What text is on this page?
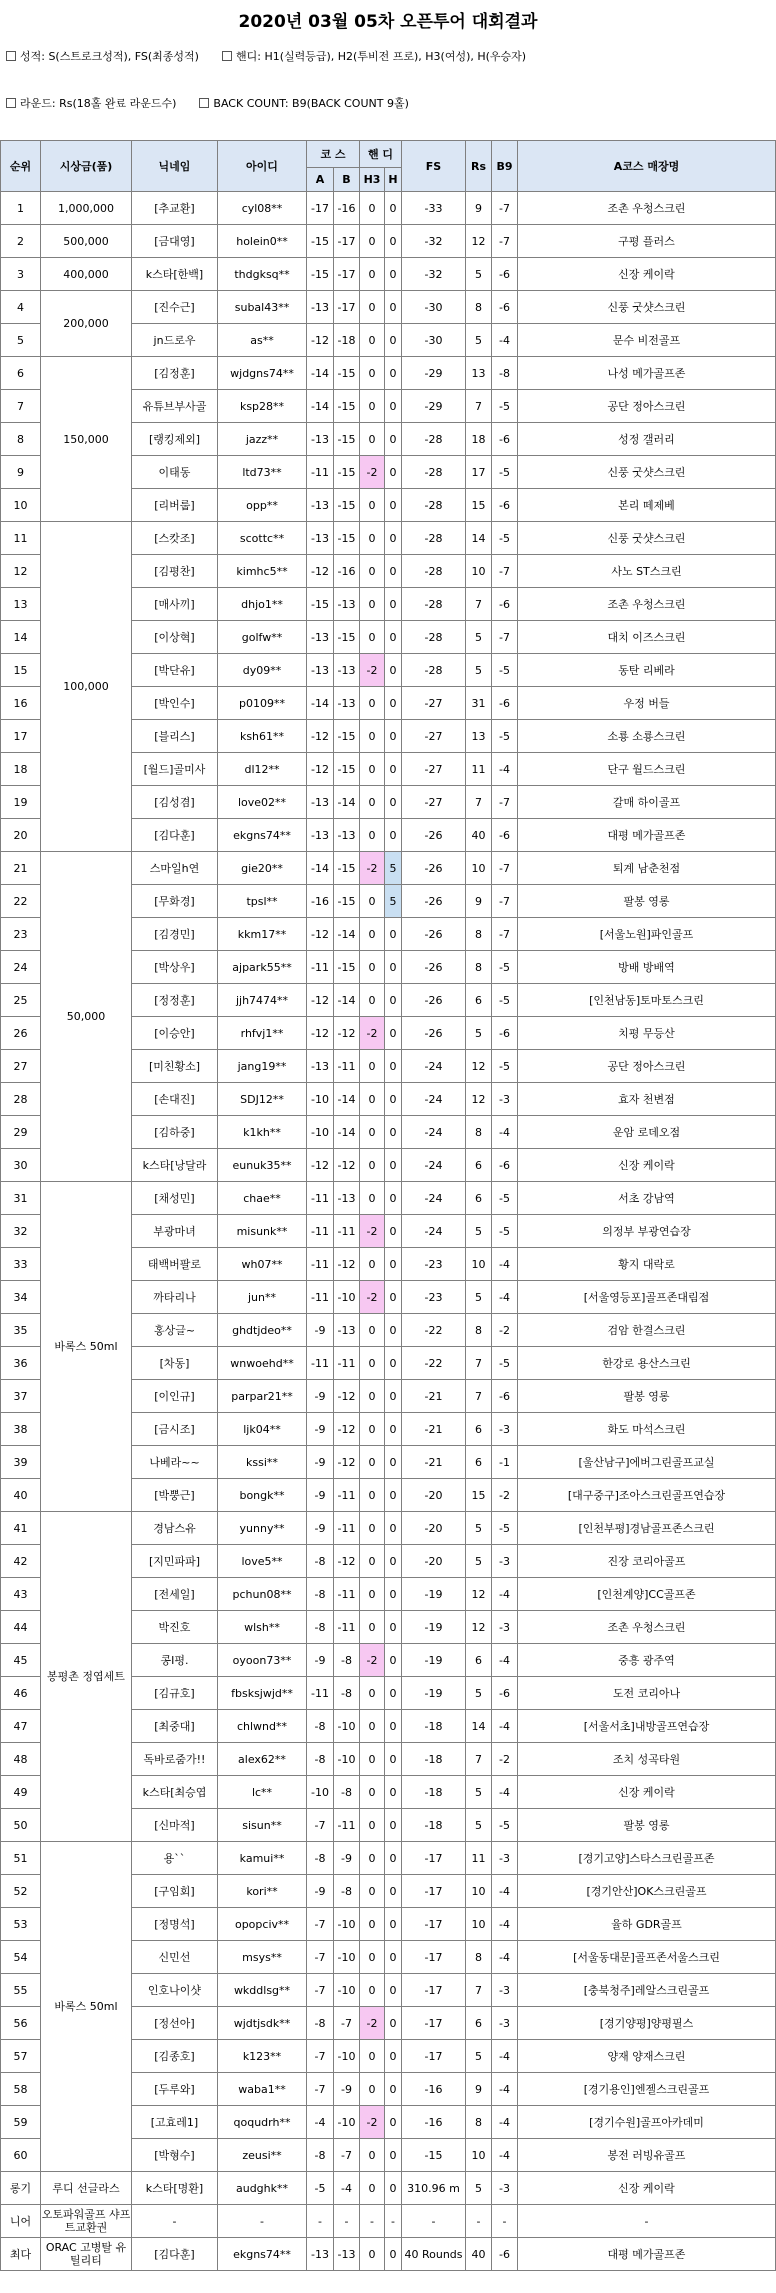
2020년 03월 05차 오픈투어 대회결과
성적: S(스트로크성적), FS(최종성적)	핸디: H1(실력등급), H2(투비전 프로), H3(여성), H(우승자)
라운드: Rs(18홀 완료 라운드수)	BACK COUNT: B9(BACK COUNT 9홀)
순위	시상금(품)	닉네임	아이디	코 스		핸 디		FS	Rs	B9	A코스 매장명
				A	B	H3	H				
1	1,000,000	[추교환]	cyl08**	-17	-16	0	0	-33	9	-7	조촌 우청스크린
2	500,000	[금대영]	holein0**	-15	-17	0	0	-32	12	-7	구평 플러스
3	400,000	k스타[한백]	thdgksq**	-15	-17	0	0	-32	5	-6	신장 케이락
4	200,000	[진수근]	subal43**	-13	-17	0	0	-30	8	-6	신풍 굿샷스크린
5		jn드로우	as**	-12	-18	0	0	-30	5	-4	문수 비전골프
6	150,000	[김정훈]	wjdgns74**	-14	-15	0	0	-29	13	-8	나성 메가골프존
7		유튜브부사골	ksp28**	-14	-15	0	0	-29	7	-5	공단 정아스크린
8		[랭킹제외]	jazz**	-13	-15	0	0	-28	18	-6	성정 갤러리
9		이태동	ltd73**	-11	-15	-2	0	-28	17	-5	신풍 굿샷스크린
10		[리버룹]	opp**	-13	-15	0	0	-28	15	-6	본리 떼제베
11	100,000	[스캇조]	scottc**	-13	-15	0	0	-28	14	-5	신풍 굿샷스크린
12		[김평찬]	kimhc5**	-12	-16	0	0	-28	10	-7	사노 ST스크린
13		[매사끼]	dhjo1**	-15	-13	0	0	-28	7	-6	조촌 우청스크린
14		[이상혁]	golfw**	-13	-15	0	0	-28	5	-7	대치 이즈스크린
15		[박단유]	dy09**	-13	-13	-2	0	-28	5	-5	동탄 리베라
16		[박인수]	p0109**	-14	-13	0	0	-27	31	-6	우정 버들
17		[블리스]	ksh61**	-12	-15	0	0	-27	13	-5	소룡 소룡스크린
18		[월드]골미사	dl12**	-12	-15	0	0	-27	11	-4	단구 월드스크린
19		[김성겸]	love02**	-13	-14	0	0	-27	7	-7	갈매 하이골프
20		[김다훈]	ekgns74**	-13	-13	0	0	-26	40	-6	대평 메가골프존
21	50,000	스마일h연	gie20**	-14	-15	-2	5	-26	10	-7	퇴계 남춘천점
22		[무화경]	tpsl**	-16	-15	0	5	-26	9	-7	팔봉 영롱
23		[김경민]	kkm17**	-12	-14	0	0	-26	8	-7	[서울노원]파인골프
24		[박상우]	ajpark55**	-11	-15	0	0	-26	8	-5	방배 방배역
25		[정정훈]	jjh7474**	-12	-14	0	0	-26	6	-5	[인천남동]토마토스크린
26		[이승안]	rhfvj1**	-12	-12	-2	0	-26	5	-6	치평 무등산
27		[미친황소]	jang19**	-13	-11	0	0	-24	12	-5	공단 정아스크린
28		[손대진]	SDJ12**	-10	-14	0	0	-24	12	-3	효자 천변점
29		[김하중]	k1kh**	-10	-14	0	0	-24	8	-4	운암 로데오점
30		k스타[낭달라	eunuk35**	-12	-12	0	0	-24	6	-6	신장 케이락
31	바록스 50ml	[채성민]	chae**	-11	-13	0	0	-24	6	-5	서초 강남역
32		부광마녀	misunk**	-11	-11	-2	0	-24	5	-5	의정부 부광연습장
33		태백버팔로	wh07**	-11	-12	0	0	-23	10	-4	황지 대락로
34		까타리나	jun**	-11	-10	-2	0	-23	5	-4	[서울영등포]골프존대림점
35		홍상글~	ghdtjdeo**	-9	-13	0	0	-22	8	-2	검암 한결스크린
36		[차동]	wnwoehd**	-11	-11	0	0	-22	7	-5	한강로 용산스크린
37		[이인규]	parpar21**	-9	-12	0	0	-21	7	-6	팔봉 영롱
38		[금시조]	ljk04**	-9	-12	0	0	-21	6	-3	화도 마석스크린
39		나베라~~	kssi**	-9	-12	0	0	-21	6	-1	[울산남구]에버그린골프교실
40		[박뿡근]	bongk**	-9	-11	0	0	-20	15	-2	[대구중구]조아스크린골프연습장
41	봉평촌 정엽세트	경남스유	yunny**	-9	-11	0	0	-20	5	-5	[인천부평]경남골프존스크린
42		[지민파파]	love5**	-8	-12	0	0	-20	5	-3	진장 코리아골프
43		[전세일]	pchun08**	-8	-11	0	0	-19	12	-4	[인천계양]CC골프존
44		박진호	wlsh**	-8	-11	0	0	-19	12	-3	조촌 우청스크린
45		콩I평.	oyoon73**	-9	-8	-2	0	-19	6	-4	중흥 광주역
46		[김규호]	fbsksjwjd**	-11	-8	0	0	-19	5	-6	도전 코리아나
47		[최중대]	chlwnd**	-8	-10	0	0	-18	14	-4	[서울서초]내방골프연습장
48		독바로줌가!!	alex62**	-8	-10	0	0	-18	7	-2	조치 성곡타원
49		k스타[최승엽	lc**	-10	-8	0	0	-18	5	-4	신장 케이락
50		[신마적]	sisun**	-7	-11	0	0	-18	5	-5	팔봉 영롱
51	바록스 50ml	용``	kamui**	-8	-9	0	0	-17	11	-3	[경기고양]스타스크린골프존
52		[구임회]	kori**	-9	-8	0	0	-17	10	-4	[경기안산]OK스크린골프
53		[정명석]	opopciv**	-7	-10	0	0	-17	10	-4	율하 GDR골프
54		신민선	msys**	-7	-10	0	0	-17	8	-4	[서울동대문]골프존서울스크린
55		인호나이샷	wkddlsg**	-7	-10	0	0	-17	7	-3	[충북청주]레알스크린골프
56		[정선아]	wjdtjsdk**	-8	-7	-2	0	-17	6	-3	[경기양평]양평필스
57		[김종호]	k123**	-7	-10	0	0	-17	5	-4	양재 양재스크린
58		[두루와]	waba1**	-7	-9	0	0	-16	9	-4	[경기용인]엔젤스크린골프
59		[고효레1]	qoqudrh**	-4	-10	-2	0	-16	8	-4	[경기수원]골프아카데미
60		[박형수]	zeusi**	-8	-7	0	0	-15	10	-4	봉전 러빙유골프
롱기	루디 선글라스	k스타[명환]	audghk**	-5	-4	0	0	310.96 m	5	-3	신장 케이락
니어	오토파워골프 샤프트교환권	-	-	-	-	-	-	-	-	-	-
최다	ORAC 고병탈 유틸리티	[김다훈]	ekgns74**	-13	-13	0	0	40 Rounds	40	-6	대평 메가골프존
